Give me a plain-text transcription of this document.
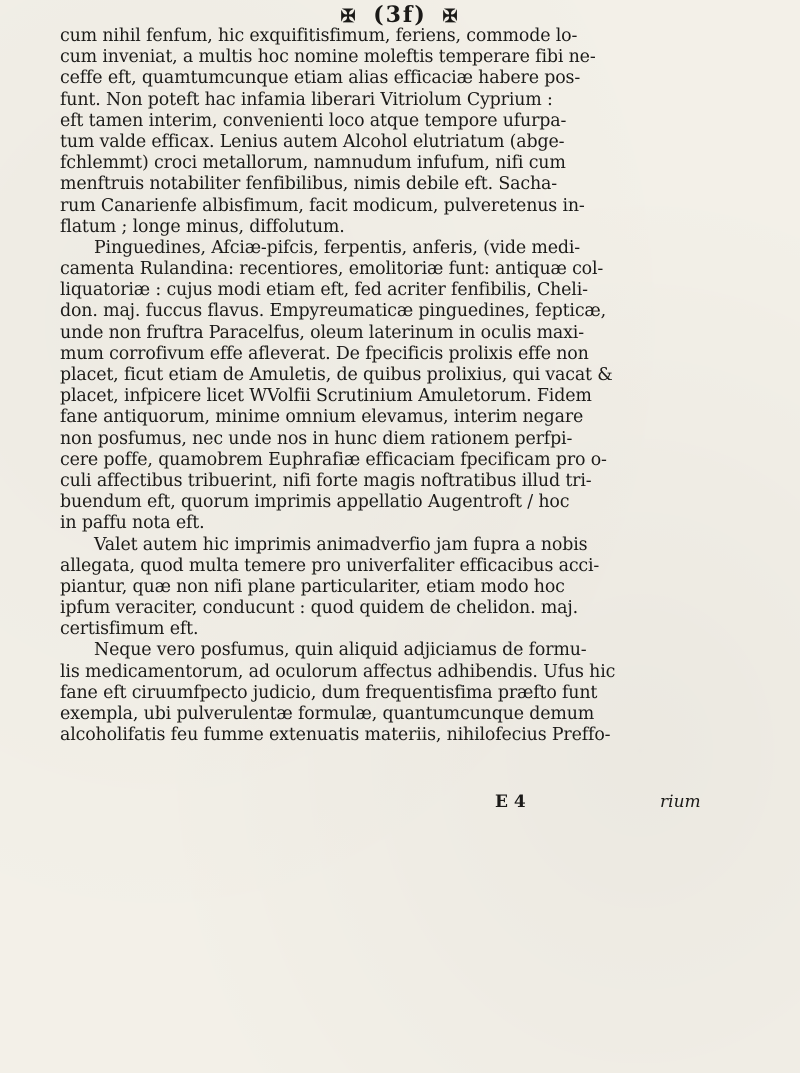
✠ (3f) ✠
cum nihil fenfum, hic exquifitisfimum, feriens, commode lo-
cum inveniat, a multis hoc nomine moleftis temperare fibi ne-
ceffe eft, quamtumcunque etiam alias efficaciæ habere pos-
funt. Non poteft hac infamia liberari Vitriolum Cyprium :
eft tamen interim, convenienti loco atque tempore ufurpa-
tum valde efficax. Lenius autem Alcohol elutriatum (abge-
fchlemmt) croci metallorum, namnudum infufum, nifi cum
menftruis notabiliter fenfibilibus, nimis debile eft. Sacha-
rum Canarienfe albisfimum, facit modicum, pulveretenus in-
flatum ; longe minus, diffolutum.
Pinguedines, Afciæ-pifcis, ferpentis, anferis, (vide medi-
camenta Rulandina: recentiores, emolitoriæ funt: antiquæ col-
liquatoriæ : cujus modi etiam eft, fed acriter fenfibilis, Cheli-
don. maj. fuccus flavus. Empyreumaticæ pinguedines, fepticæ,
unde non fruftra Paracelfus, oleum laterinum in oculis maxi-
mum corrofivum effe afleverat. De fpecificis prolixis effe non
placet, ficut etiam de Amuletis, de quibus prolixius, qui vacat &
placet, infpicere licet WVolfii Scrutinium Amuletorum. Fidem
fane antiquorum, minime omnium elevamus, interim negare
non posfumus, nec unde nos in hunc diem rationem perfpi-
cere poffe, quamobrem Euphrafiæ efficaciam fpecificam pro o-
culi affectibus tribuerint, nifi forte magis noftratibus illud tri-
buendum eft, quorum imprimis appellatio Augentroft / hoc
in paffu nota eft.
Valet autem hic imprimis animadverfio jam fupra a nobis
allegata, quod multa temere pro univerfaliter efficacibus acci-
piantur, quæ non nifi plane particulariter, etiam modo hoc
ipfum veraciter, conducunt : quod quidem de chelidon. maj.
certisfimum eft.
Neque vero posfumus, quin aliquid adjiciamus de formu-
lis medicamentorum, ad oculorum affectus adhibendis. Ufus hic
fane eft ciruumfpecto judicio, dum frequentisfima præfto funt
exempla, ubi pulverulentæ formulæ, quantumcunque demum
alcoholifatis feu fumme extenuatis materiis, nihilofecius Preffo-
E 4	rium
